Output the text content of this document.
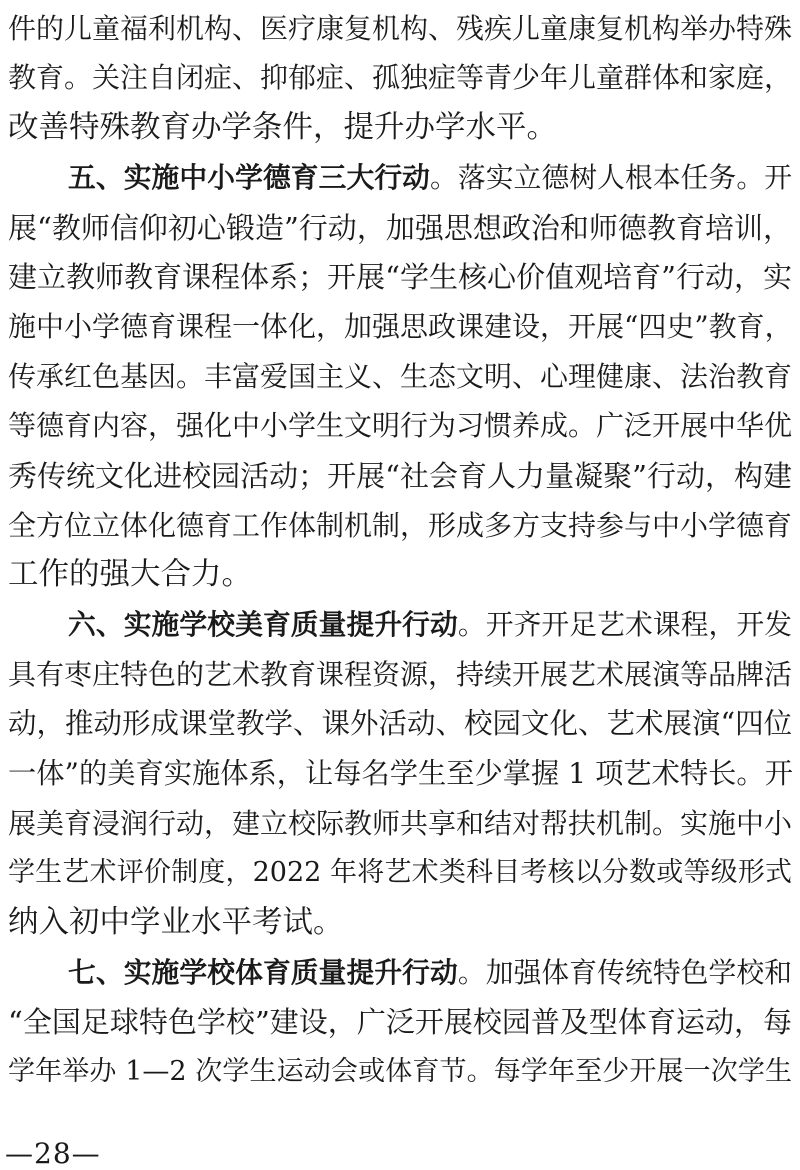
件的儿童福利机构、医疗康复机构、残疾儿童康复机构举办特殊
教育。关注自闭症、抑郁症、孤独症等青少年儿童群体和家庭，
改善特殊教育办学条件，提升办学水平。
五、实施中小学德育三大行动。落实立德树人根本任务。开
展“教师信仰初心锻造”行动，加强思想政治和师德教育培训，
建立教师教育课程体系；开展“学生核心价值观培育”行动，实
施中小学德育课程一体化，加强思政课建设，开展“四史”教育，
传承红色基因。丰富爱国主义、生态文明、心理健康、法治教育
等德育内容，强化中小学生文明行为习惯养成。广泛开展中华优
秀传统文化进校园活动；开展“社会育人力量凝聚”行动，构建
全方位立体化德育工作体制机制，形成多方支持参与中小学德育
工作的强大合力。
六、实施学校美育质量提升行动。开齐开足艺术课程，开发
具有枣庄特色的艺术教育课程资源，持续开展艺术展演等品牌活
动，推动形成课堂教学、课外活动、校园文化、艺术展演“四位
一体”的美育实施体系，让每名学生至少掌握 1 项艺术特长。开
展美育浸润行动，建立校际教师共享和结对帮扶机制。实施中小
学生艺术评价制度，2022 年将艺术类科目考核以分数或等级形式
纳入初中学业水平考试。
七、实施学校体育质量提升行动。加强体育传统特色学校和
“全国足球特色学校”建设，广泛开展校园普及型体育运动，每
学年举办 1—2 次学生运动会或体育节。每学年至少开展一次学生
—28—
